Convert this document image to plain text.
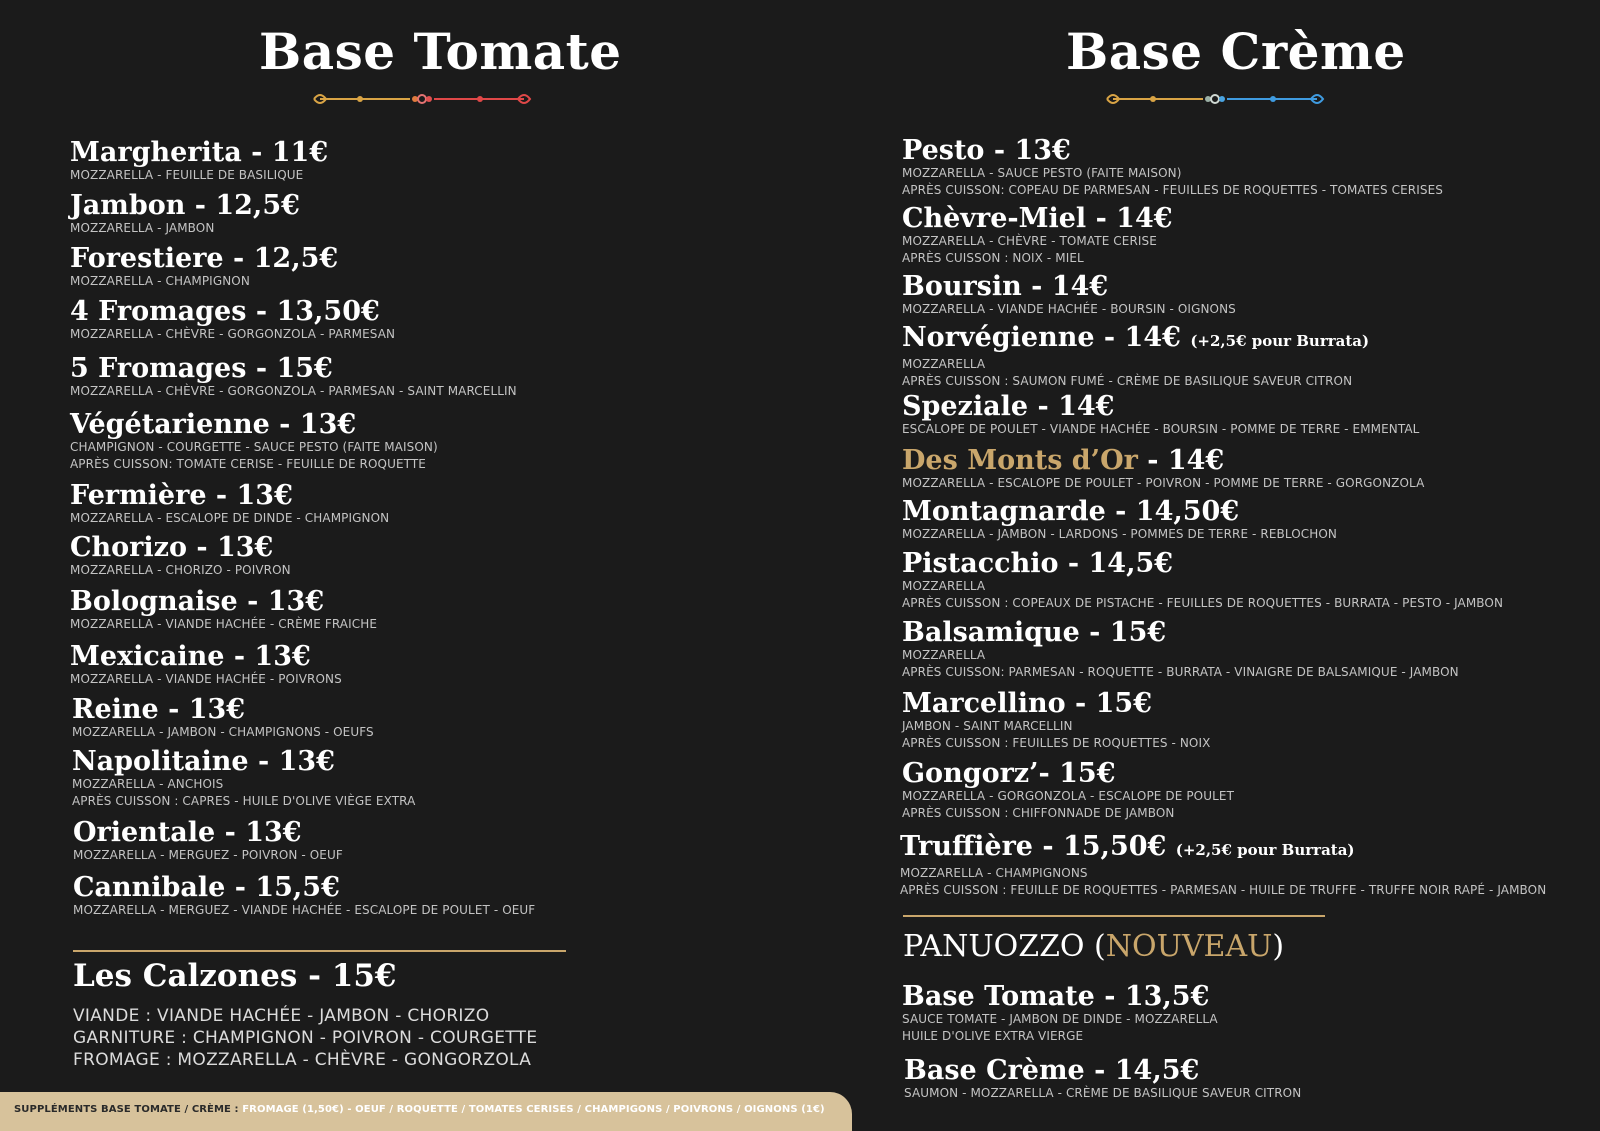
Base Tomate	Base Crème
Margherita - 11€
MOZZARELLA - FEUILLE DE BASILIQUE
Jambon - 12,5€
MOZZARELLA - JAMBON
Forestiere - 12,5€
MOZZARELLA - CHAMPIGNON
4 Fromages - 13,50€
MOZZARELLA - CHÈVRE - GORGONZOLA - PARMESAN
5 Fromages - 15€
MOZZARELLA - CHÈVRE - GORGONZOLA - PARMESAN - SAINT MARCELLIN
Végétarienne - 13€
CHAMPIGNON - COURGETTE - SAUCE PESTO (FAITE MAISON)
APRÈS CUISSON: TOMATE CERISE - FEUILLE DE ROQUETTE
Fermière - 13€
MOZZARELLA - ESCALOPE DE DINDE - CHAMPIGNON
Chorizo - 13€
MOZZARELLA - CHORIZO - POIVRON
Bolognaise - 13€
MOZZARELLA - VIANDE HACHÉE - CRÈME FRAICHE
Mexicaine - 13€
MOZZARELLA - VIANDE HACHÉE - POIVRONS
Reine - 13€
MOZZARELLA - JAMBON - CHAMPIGNONS - OEUFS
Napolitaine - 13€
MOZZARELLA - ANCHOIS
APRÈS CUISSON : CAPRES - HUILE D'OLIVE VIÈGE EXTRA
Orientale - 13€
MOZZARELLA - MERGUEZ - POIVRON - OEUF
Cannibale - 15,5€
MOZZARELLA - MERGUEZ - VIANDE HACHÉE - ESCALOPE DE POULET - OEUF
Les Calzones - 15€
VIANDE : VIANDE HACHÉE - JAMBON - CHORIZO
GARNITURE : CHAMPIGNON - POIVRON - COURGETTE
FROMAGE : MOZZARELLA - CHÈVRE - GONGORZOLA
Pesto - 13€
MOZZARELLA - SAUCE PESTO (FAITE MAISON)
APRÈS CUISSON: COPEAU DE PARMESAN - FEUILLES DE ROQUETTES - TOMATES CERISES
Chèvre-Miel - 14€
MOZZARELLA - CHÈVRE - TOMATE CERISE
APRÈS CUISSON : NOIX - MIEL
Boursin - 14€
MOZZARELLA - VIANDE HACHÉE - BOURSIN - OIGNONS
Norvégienne - 14€ (+2,5€ pour Burrata)
MOZZARELLA
APRÈS CUISSON : SAUMON FUMÉ - CRÈME DE BASILIQUE SAVEUR CITRON
Speziale - 14€
ESCALOPE DE POULET - VIANDE HACHÉE - BOURSIN - POMME DE TERRE - EMMENTAL
Des Monts d’Or - 14€
MOZZARELLA - ESCALOPE DE POULET - POIVRON - POMME DE TERRE - GORGONZOLA
Montagnarde - 14,50€
MOZZARELLA - JAMBON - LARDONS - POMMES DE TERRE - REBLOCHON
Pistacchio - 14,5€
MOZZARELLA
APRÈS CUISSON : COPEAUX DE PISTACHE - FEUILLES DE ROQUETTES - BURRATA - PESTO - JAMBON
Balsamique - 15€
MOZZARELLA
APRÈS CUISSON: PARMESAN - ROQUETTE - BURRATA - VINAIGRE DE BALSAMIQUE - JAMBON
Marcellino - 15€
JAMBON - SAINT MARCELLIN
APRÈS CUISSON : FEUILLES DE ROQUETTES - NOIX
Gongorz’- 15€
MOZZARELLA - GORGONZOLA - ESCALOPE DE POULET
APRÈS CUISSON : CHIFFONNADE DE JAMBON
Truffière - 15,50€ (+2,5€ pour Burrata)
MOZZARELLA - CHAMPIGNONS
APRÈS CUISSON : FEUILLE DE ROQUETTES - PARMESAN - HUILE DE TRUFFE - TRUFFE NOIR RAPÉ - JAMBON
PANUOZZO (NOUVEAU)
Base Tomate - 13,5€
SAUCE TOMATE - JAMBON DE DINDE - MOZZARELLA
HUILE D'OLIVE EXTRA VIERGE
Base Crème - 14,5€
SAUMON - MOZZARELLA - CRÈME DE BASILIQUE SAVEUR CITRON
SUPPLÉMENTS BASE TOMATE / CRÈME : FROMAGE (1,50€) - OEUF / ROQUETTE / TOMATES CERISES / CHAMPIGONS / POIVRONS / OIGNONS (1€)
